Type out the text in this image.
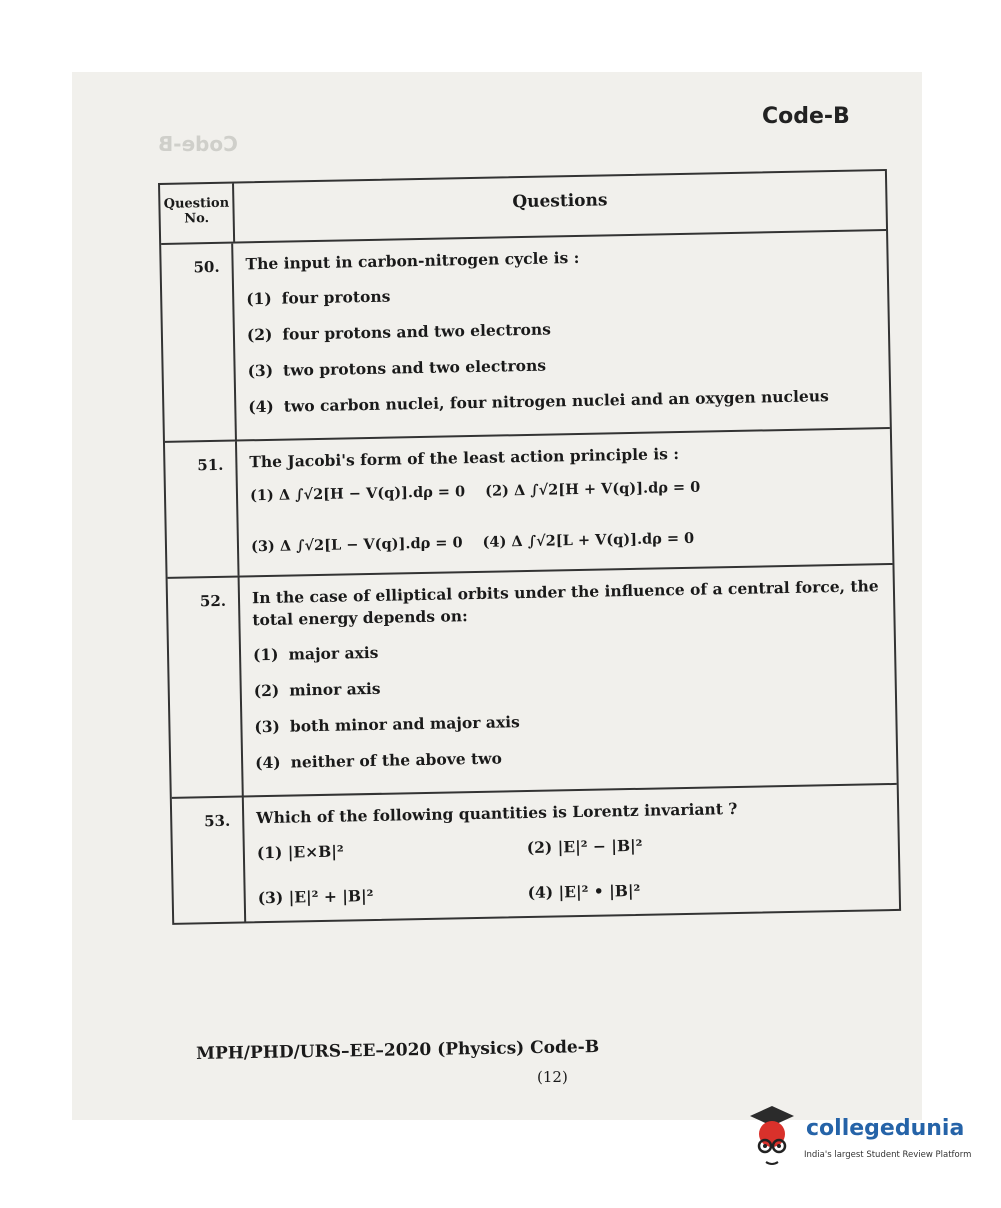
Code-B
Code-B
Question No.
Questions
50.	The input in carbon-nitrogen cycle is :
(1) four protons
(2) four protons and two electrons
(3) two protons and two electrons
(4) two carbon nuclei, four nitrogen nuclei and an oxygen nucleus
51.	The Jacobi's form of the least action principle is :
(1) Δ ∫√2[H − V(q)].dρ = 0 (2) Δ ∫√2[H + V(q)].dρ = 0
(3) Δ ∫√2[L − V(q)].dρ = 0 (4) Δ ∫√2[L + V(q)].dρ = 0
52.	In the case of elliptical orbits under the influence of a central force, the total energy depends on:
(1) major axis
(2) minor axis
(3) both minor and major axis
(4) neither of the above two
53.	Which of the following quantities is Lorentz invariant ?
(1) |E×B|²	(2) |E|² − |B|²
(3) |E|² + |B|²	(4) |E|² • |B|²
MPH/PHD/URS–EE–2020 (Physics) Code-B
(12)
collegedunia
India's largest Student Review Platform
